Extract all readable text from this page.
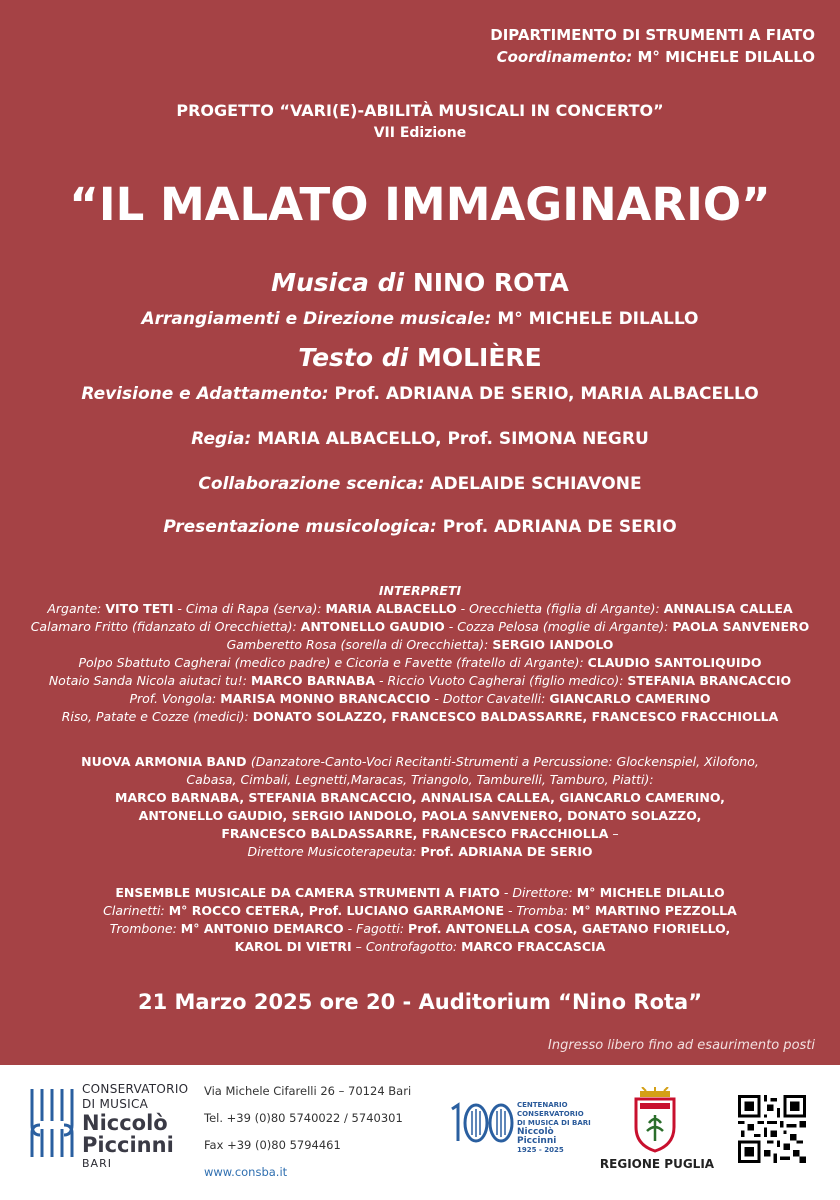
DIPARTIMENTO DI STRUMENTI A FIATO
Coordinamento: M° MICHELE DILALLO
PROGETTO “VARI(E)-ABILITÀ MUSICALI IN CONCERTO”
VII Edizione
“IL MALATO IMMAGINARIO”
Musica di NINO ROTA
Arrangiamenti e Direzione musicale: M° MICHELE DILALLO
Testo di MOLIÈRE
Revisione e Adattamento: Prof. ADRIANA DE SERIO, MARIA ALBACELLO
Regia: MARIA ALBACELLO, Prof. SIMONA NEGRU
Collaborazione scenica: ADELAIDE SCHIAVONE
Presentazione musicologica: Prof. ADRIANA DE SERIO
INTERPRETI
Argante: VITO TETI - Cima di Rapa (serva): MARIA ALBACELLO - Orecchietta (figlia di Argante): ANNALISA CALLEA
Calamaro Fritto (fidanzato di Orecchietta): ANTONELLO GAUDIO - Cozza Pelosa (moglie di Argante): PAOLA SANVENERO
Gamberetto Rosa (sorella di Orecchietta): SERGIO IANDOLO
Polpo Sbattuto Cagherai (medico padre) e Cicoria e Favette (fratello di Argante): CLAUDIO SANTOLIQUIDO
Notaio Sanda Nicola aiutaci tu!: MARCO BARNABA - Riccio Vuoto Cagherai (figlio medico): STEFANIA BRANCACCIO
Prof. Vongola: MARISA MONNO BRANCACCIO - Dottor Cavatelli: GIANCARLO CAMERINO
Riso, Patate e Cozze (medici): DONATO SOLAZZO, FRANCESCO BALDASSARRE, FRANCESCO FRACCHIOLLA
NUOVA ARMONIA BAND (Danzatore-Canto-Voci Recitanti-Strumenti a Percussione: Glockenspiel, Xilofono,
Cabasa, Cimbali, Legnetti,Maracas, Triangolo, Tamburelli, Tamburo, Piatti):
MARCO BARNABA, STEFANIA BRANCACCIO, ANNALISA CALLEA, GIANCARLO CAMERINO,
ANTONELLO GAUDIO, SERGIO IANDOLO, PAOLA SANVENERO, DONATO SOLAZZO,
FRANCESCO BALDASSARRE, FRANCESCO FRACCHIOLLA –
Direttore Musicoterapeuta: Prof. ADRIANA DE SERIO
ENSEMBLE MUSICALE DA CAMERA STRUMENTI A FIATO - Direttore: M° MICHELE DILALLO
Clarinetti: M° ROCCO CETERA, Prof. LUCIANO GARRAMONE - Tromba: M° MARTINO PEZZOLLA
Trombone: M° ANTONIO DEMARCO - Fagotti: Prof. ANTONELLA COSA, GAETANO FIORIELLO,
KAROL DI VIETRI – Controfagotto: MARCO FRACCASCIA
21 Marzo 2025 ore 20 - Auditorium “Nino Rota”
Ingresso libero fino ad esaurimento posti
CONSERVATORIO
DI MUSICA
Niccolò
Piccinni
BARI
Via Michele Cifarelli 26 – 70124 Bari
Tel. +39 (0)80 5740022 / 5740301
Fax +39 (0)80 5794461
www.consba.it
CENTENARIO
CONSERVATORIO
DI MUSICA DI BARI
Niccolò
Piccinni
1925 - 2025
REGIONE PUGLIA
